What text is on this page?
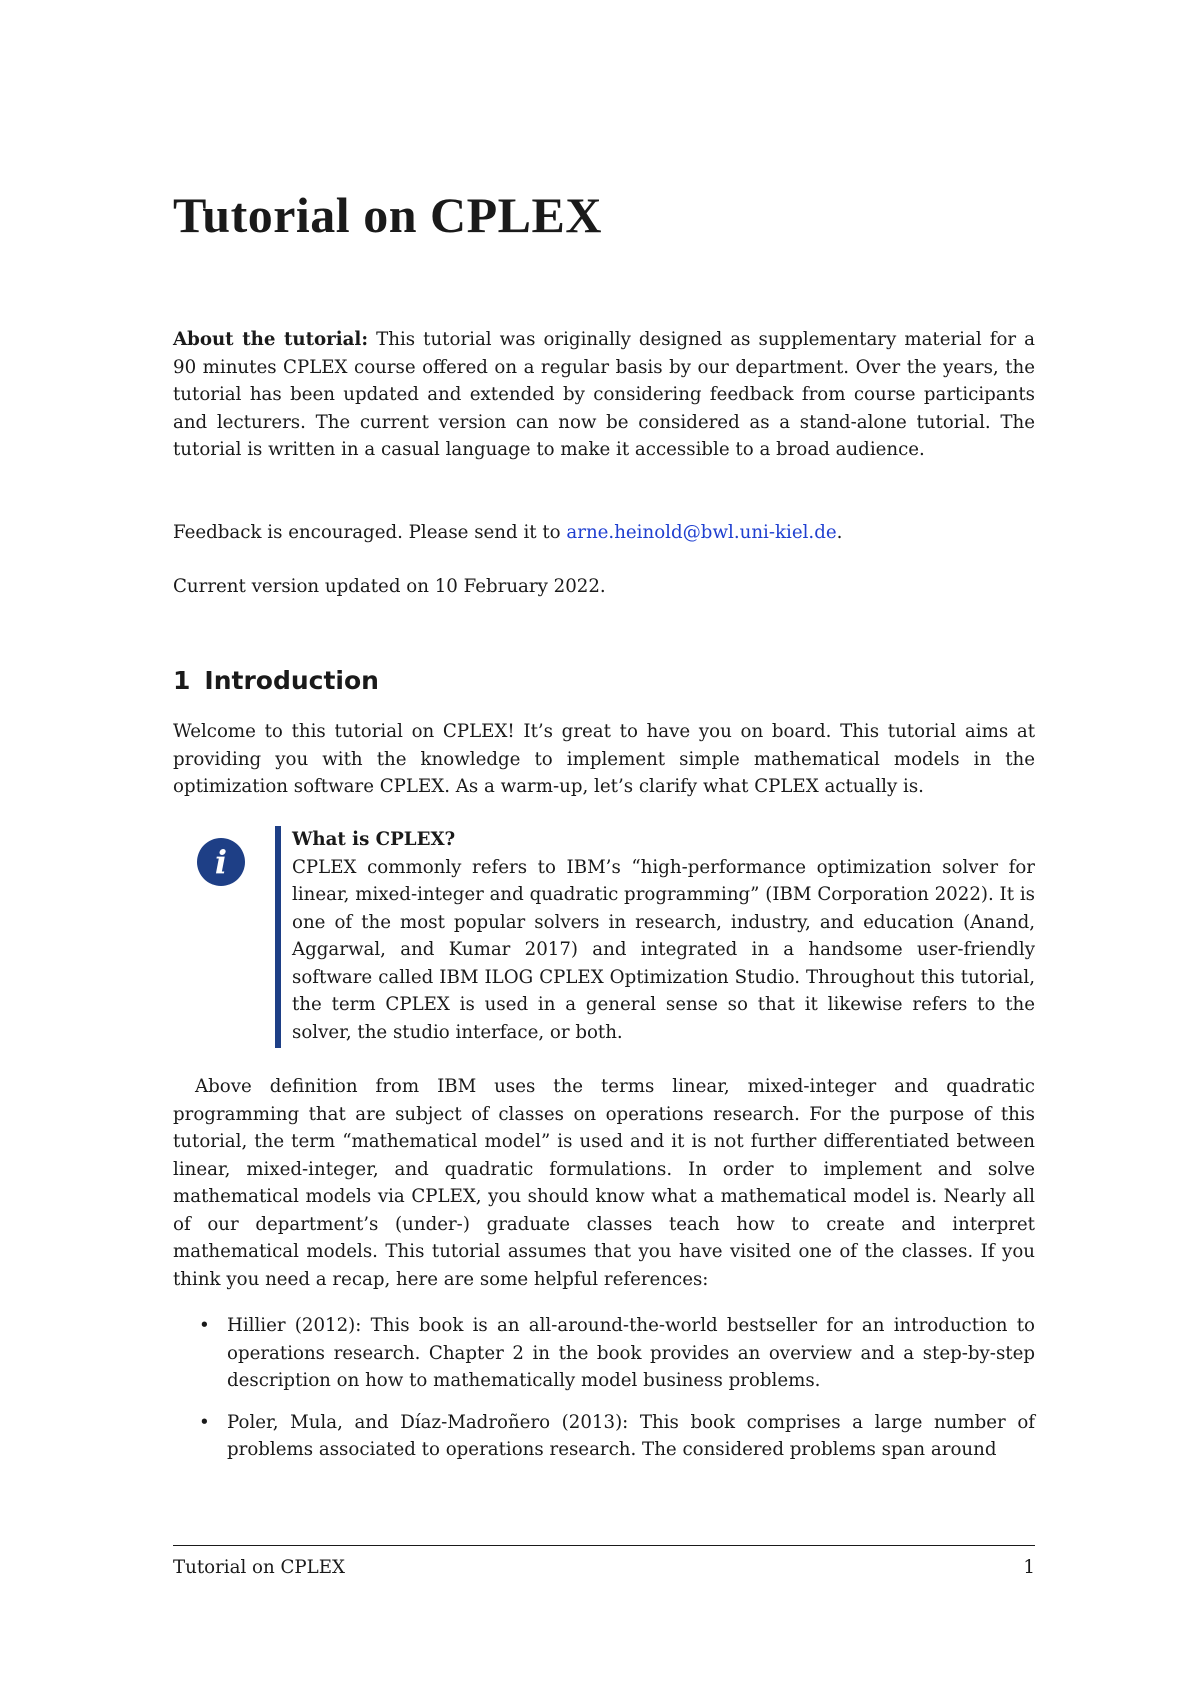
Tutorial on CPLEX

About the tutorial: This tutorial was originally designed as supplementary material for a 90 minutes CPLEX course offered on a regular basis by our department. Over the years, the tutorial has been updated and extended by considering feedback from course participants and lecturers. The current version can now be considered as a stand-alone tutorial. The tutorial is written in a casual language to make it accessible to a broad audience.

Feedback is encouraged. Please send it to arne.heinold@bwl.uni-kiel.de.

Current version updated on 10 February 2022.

1 Introduction

Welcome to this tutorial on CPLEX! It’s great to have you on board. This tutorial aims at providing you with the knowledge to implement simple mathematical models in the optimization software CPLEX. As a warm-up, let’s clarify what CPLEX actually is.

i

What is CPLEX?
CPLEX commonly refers to IBM’s “high-performance optimization solver for linear, mixed-integer and quadratic programming” (IBM Corporation 2022). It is one of the most popular solvers in research, industry, and education (Anand, Aggarwal, and Kumar 2017) and integrated in a handsome user-friendly software called IBM ILOG CPLEX Optimization Studio. Throughout this tutorial, the term CPLEX is used in a general sense so that it likewise refers to the solver, the studio interface, or both.

Above definition from IBM uses the terms linear, mixed-integer and quadratic programming that are subject of classes on operations research. For the purpose of this tutorial, the term “mathematical model” is used and it is not further differentiated between linear, mixed-integer, and quadratic formulations. In order to implement and solve mathematical models via CPLEX, you should know what a mathematical model is. Nearly all of our department’s (under-) graduate classes teach how to create and interpret mathematical models. This tutorial assumes that you have visited one of the classes. If you think you need a recap, here are some helpful references:

• Hillier (2012): This book is an all-around-the-world bestseller for an introduction to operations research. Chapter 2 in the book provides an overview and a step-by-step description on how to mathematically model business problems.
• Poler, Mula, and Díaz-Madroñero (2013): This book comprises a large number of problems associated to operations research. The considered problems span around
Tutorial on CPLEX	1
